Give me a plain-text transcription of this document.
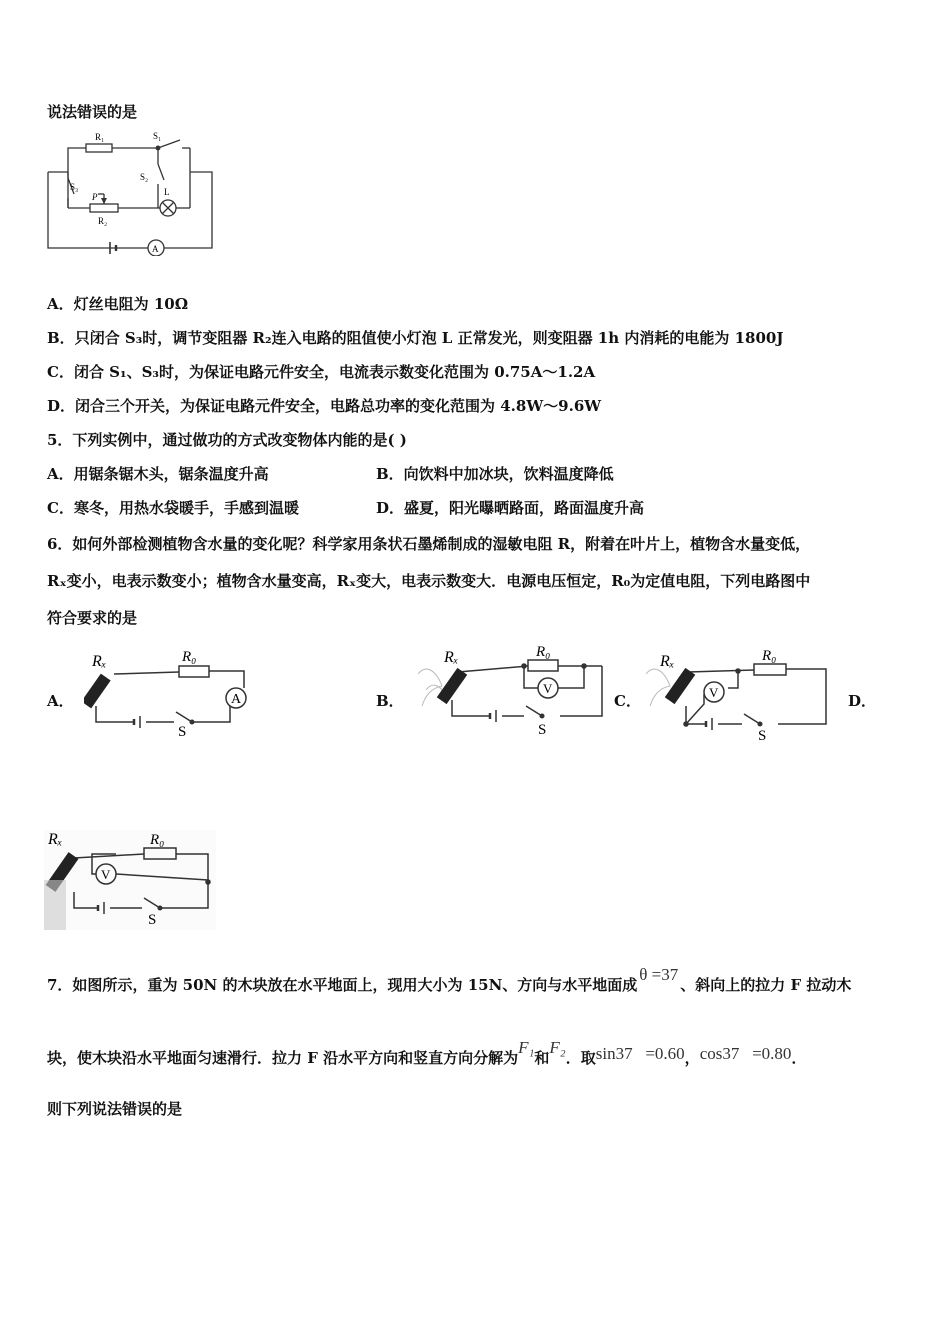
说法错误的是
R₁	S₁
S₂
S₃
P
R₂
L
A
A．灯丝电阻为 10Ω
B．只闭合 S₃时，调节变阻器 R₂连入电路的阻值使小灯泡 L 正常发光，则变阻器 1h 内消耗的电能为 1800J
C．闭合 S₁、S₃时，为保证电路元件安全，电流表示数变化范围为 0.75A～1.2A
D．闭合三个开关，为保证电路元件安全，电路总功率的变化范围为 4.8W～9.6W
5．下列实例中，通过做功的方式改变物体内能的是( )
A．用锯条锯木头，锯条温度升高	B．向饮料中加冰块，饮料温度降低
C．寒冬，用热水袋暖手，手感到温暖	D．盛夏，阳光曝晒路面，路面温度升高
6．如何外部检测植物含水量的变化呢？科学家用条状石墨烯制成的湿敏电阻 R，附着在叶片上，植物含水量变低，
Rₓ变小，电表示数变小；植物含水量变高，Rₓ变大，电表示数变大．电源电压恒定，R₀为定值电阻，下列电路图中
符合要求的是
A．	B．	C．	D．
Rₓ	R₀
A
S
Rₓ	R₀
V
S
Rₓ	R₀
V
S
Rₓ	R₀
V
S
7．如图所示，重为 50N 的木块放在水平地面上，现用大小为 15N、方向与水平地面成θ =37、斜向上的拉力 F 拉动木
块，使木块沿水平地面匀速滑行．拉力 F 沿水平方向和竖直方向分解为F₁和F₂．取sin37   =0.60，cos37   =0.80．
则下列说法错误的是
